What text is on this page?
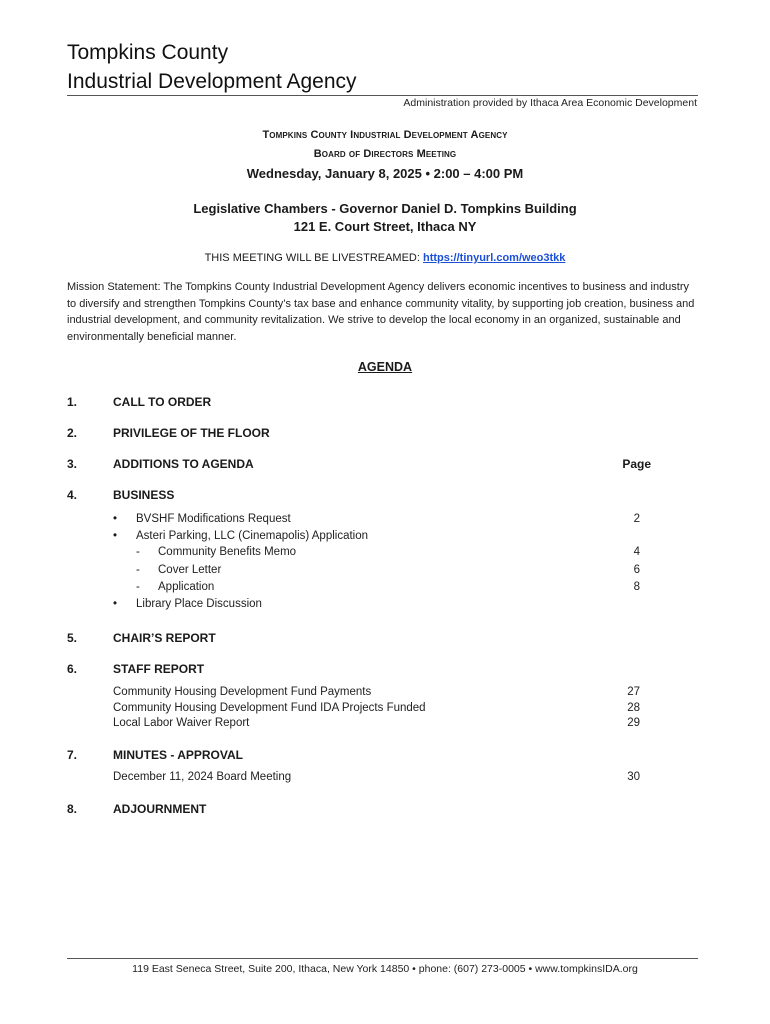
Tompkins County
Industrial Development Agency
Administration provided by Ithaca Area Economic Development
Tompkins County Industrial Development Agency
Board of Directors Meeting
Wednesday, January 8, 2025 • 2:00 – 4:00 PM
Legislative Chambers - Governor Daniel D. Tompkins Building
121 E. Court Street, Ithaca NY
THIS MEETING WILL BE LIVESTREAMED: https://tinyurl.com/weo3tkk
Mission Statement: The Tompkins County Industrial Development Agency delivers economic incentives to business and industry to diversify and strengthen Tompkins County’s tax base and enhance community vitality, by supporting job creation, business and industrial development, and community revitalization. We strive to develop the local economy in an organized, sustainable and environmentally beneficial manner.
AGENDA
1.	CALL TO ORDER
2.	PRIVILEGE OF THE FLOOR
3.	ADDITIONS TO AGENDA	Page
4.	BUSINESS
• BVSHF Modifications Request	2
• Asteri Parking, LLC (Cinemapolis) Application
- Community Benefits Memo	4
- Cover Letter	6
- Application	8
• Library Place Discussion
5.	CHAIR’S REPORT
6.	STAFF REPORT
Community Housing Development Fund Payments	27
Community Housing Development Fund IDA Projects Funded	28
Local Labor Waiver Report	29
7.	MINUTES - APPROVAL
December 11, 2024 Board Meeting	30
8.	ADJOURNMENT
119 East Seneca Street, Suite 200, Ithaca, New York 14850 • phone: (607) 273-0005 • www.tompkinsIDA.org
